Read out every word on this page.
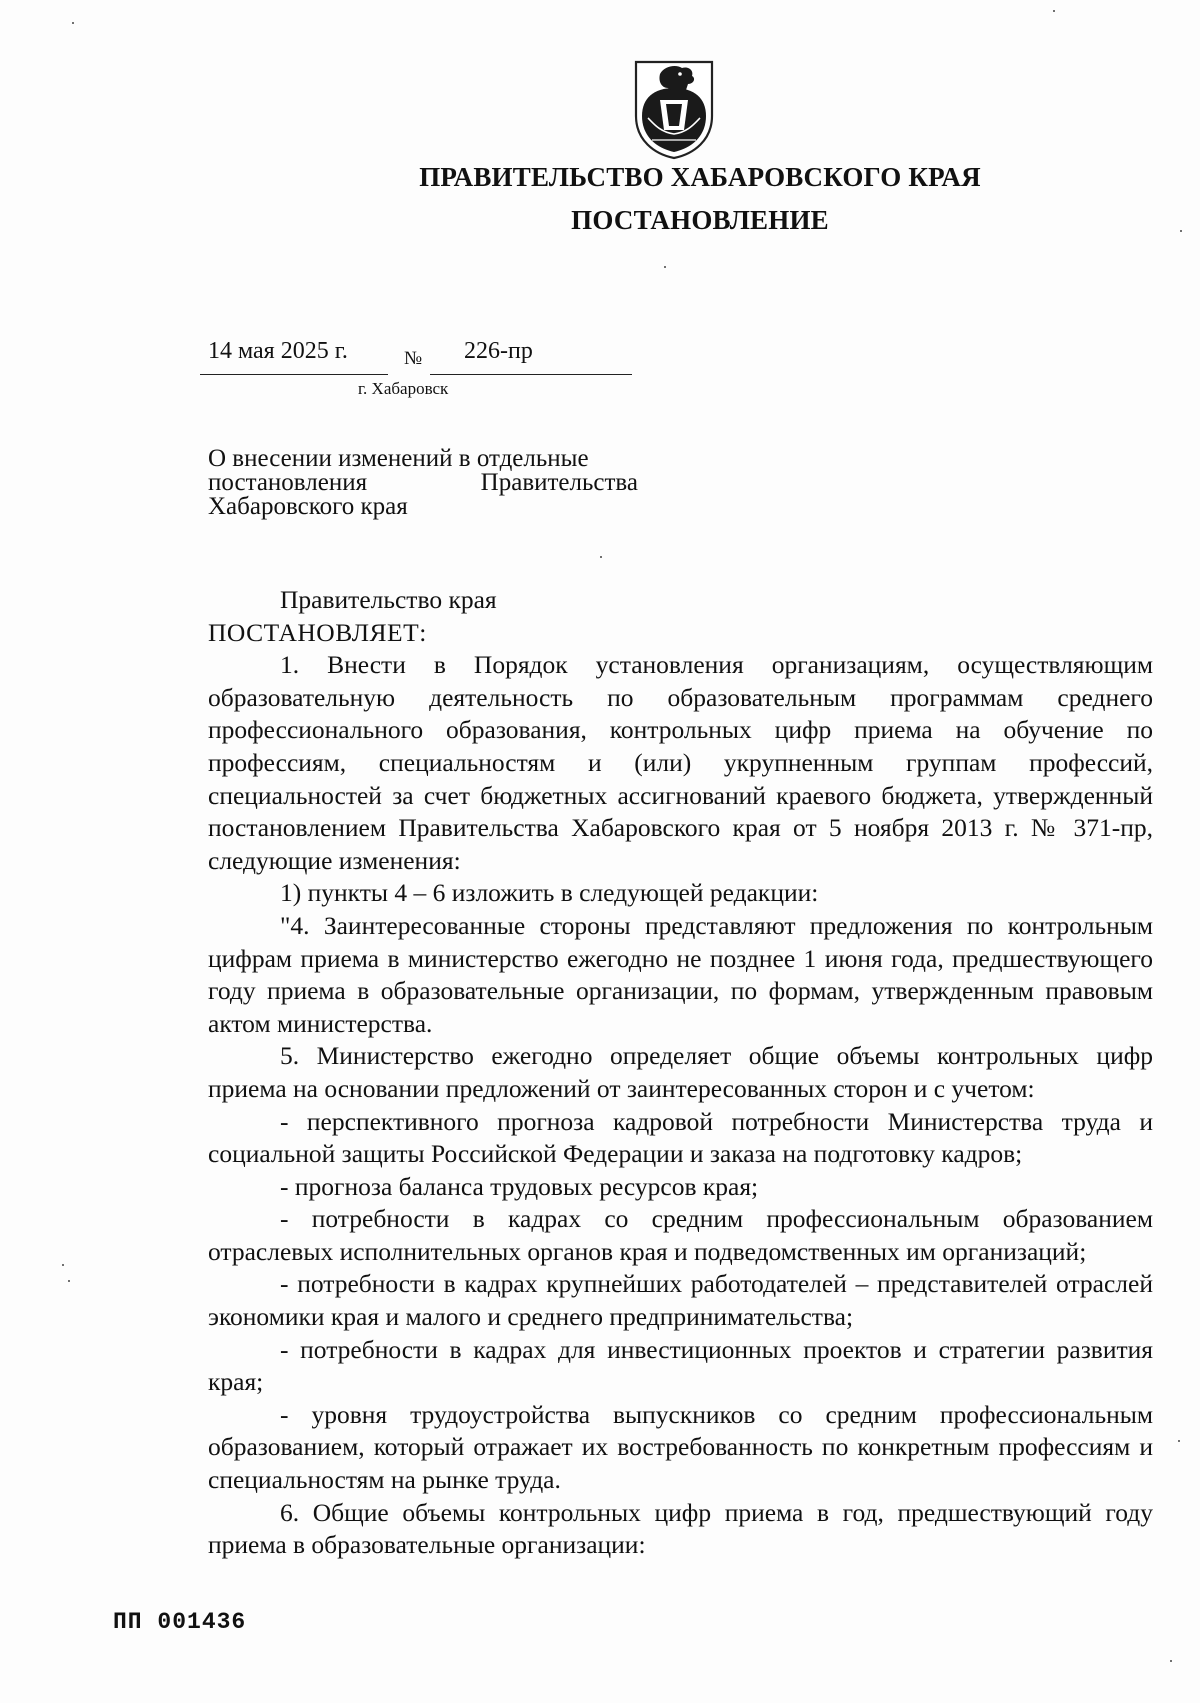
ПРАВИТЕЛЬСТВО ХАБАРОВСКОГО КРАЯ
ПОСТАНОВЛЕНИЕ
14 мая 2025 г.	№ 226-пр
г. Хабаровск
О внесении изменений в отдельные
постановления Правительства
Хабаровского края

Правительство края

ПОСТАНОВЛЯЕТ:

1. Внести в Порядок установления организациям, осуществляющим образовательную деятельность по образовательным программам среднего профессионального образования, контрольных цифр приема на обучение по профессиям, специальностям и (или) укрупненным группам профессий, специальностей за счет бюджетных ассигнований краевого бюджета, утвержденный постановлением Правительства Хабаровского края от 5 ноября 2013 г. № 371-пр, следующие изменения:

1) пункты 4 – 6 изложить в следующей редакции:

"4. Заинтересованные стороны представляют предложения по контрольным цифрам приема в министерство ежегодно не позднее 1 июня года, предшествующего году приема в образовательные организации, по формам, утвержденным правовым актом министерства.

5. Министерство ежегодно определяет общие объемы контрольных цифр приема на основании предложений от заинтересованных сторон и с учетом:

- перспективного прогноза кадровой потребности Министерства труда и социальной защиты Российской Федерации и заказа на подготовку кадров;

- прогноза баланса трудовых ресурсов края;

- потребности в кадрах со средним профессиональным образованием отраслевых исполнительных органов края и подведомственных им организаций;

- потребности в кадрах крупнейших работодателей – представителей отраслей экономики края и малого и среднего предпринимательства;

- потребности в кадрах для инвестиционных проектов и стратегии развития края;

- уровня трудоустройства выпускников со средним профессиональным образованием, который отражает их востребованность по конкретным профессиям и специальностям на рынке труда.

6. Общие объемы контрольных цифр приема в год, предшествующий году приема в образовательные организации:

ПП 001436
